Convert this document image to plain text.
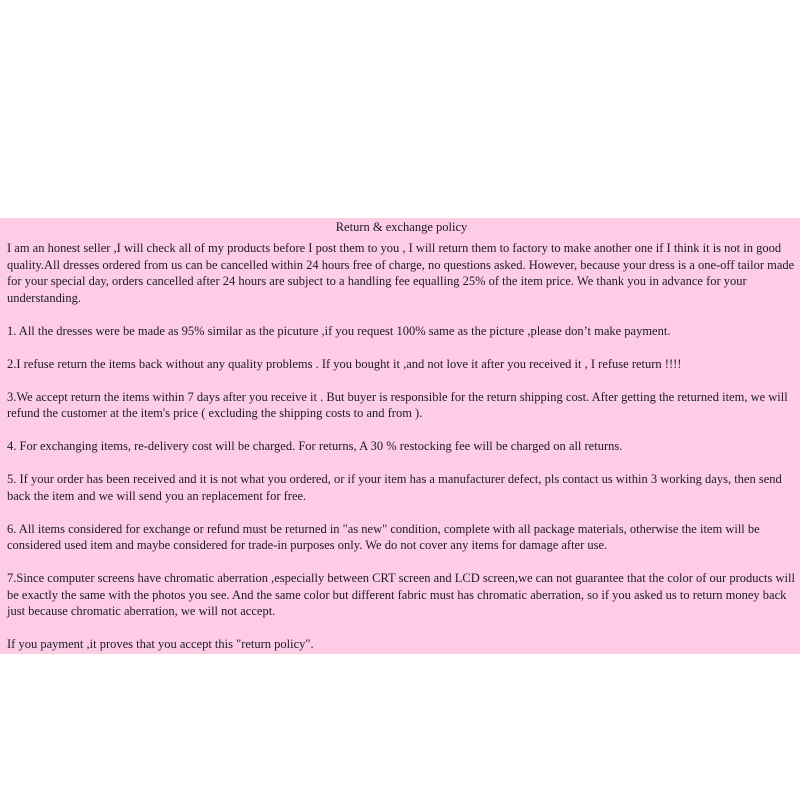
Return & exchange policy

I am an honest seller ,I will check all of my products before I post them to you , I will return them to factory to make another one if I think it is not in good quality.All dresses ordered from us can be cancelled within 24 hours free of charge, no questions asked. However, because your dress is a one-off tailor made for your special day, orders cancelled after 24 hours are subject to a handling fee equalling 25% of the item price. We thank you in advance for your understanding.

1. All the dresses were be made as 95% similar as the picuture ,if you request 100% same as the picture ,please don’t make payment.

2.I refuse return the items back without any quality problems . If you bought it ,and not love it after you received it , I refuse return !!!!

3.We accept return the items within 7 days after you receive it . But buyer is responsible for the return shipping cost. After getting the returned item, we will refund the customer at the item's price ( excluding the shipping costs to and from ).

4. For exchanging items, re-delivery cost will be charged. For returns, A 30 % restocking fee will be charged on all returns.

5. If your order has been received and it is not what you ordered, or if your item has a manufacturer defect, pls contact us within 3 working days, then send back the item and we will send you an replacement for free.

6. All items considered for exchange or refund must be returned in "as new" condition, complete with all package materials, otherwise the item will be considered used item and maybe considered for trade-in purposes only. We do not cover any items for damage after use.

7.Since computer screens have chromatic aberration ,especially between CRT screen and LCD screen,we can not guarantee that the color of our products will be exactly the same with the photos you see. And the same color but different fabric must has chromatic aberration, so if you asked us to return money back just because chromatic aberration, we will not accept.

If you payment ,it proves that you accept this "return policy".
